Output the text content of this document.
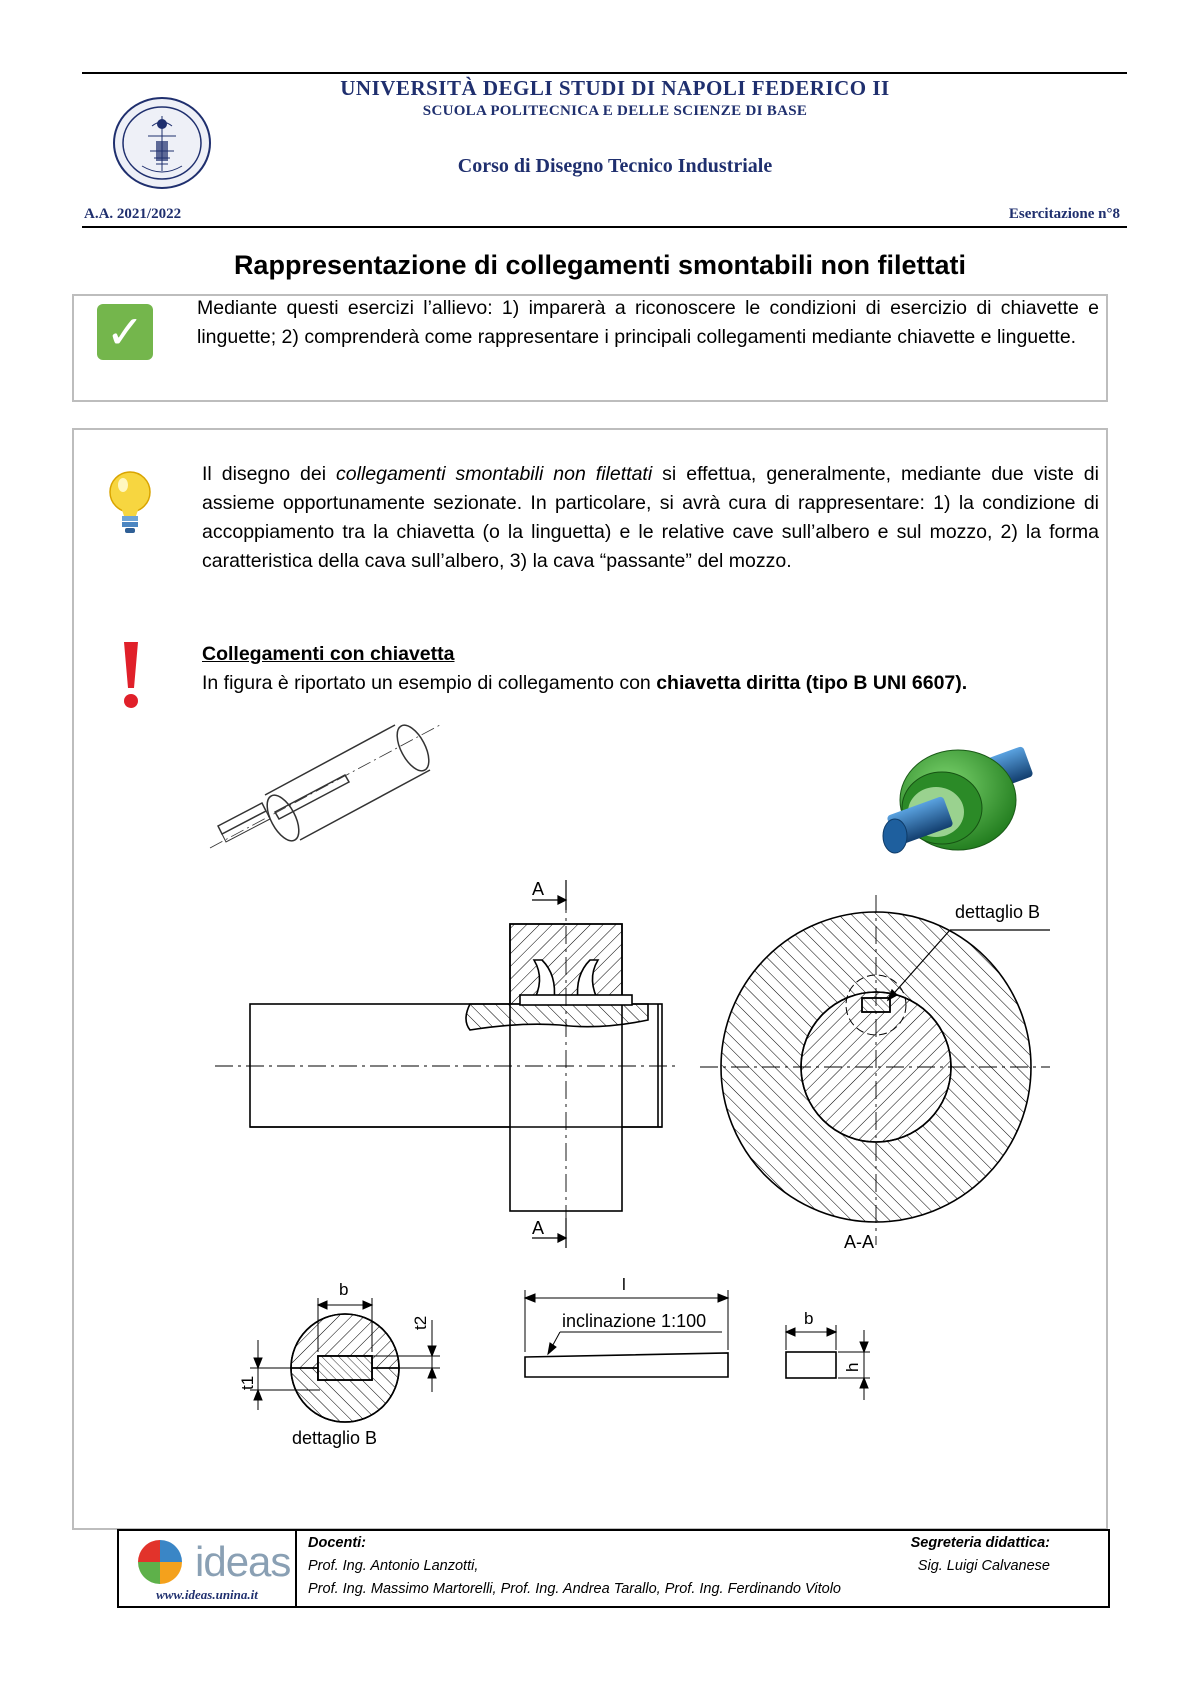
UNIVERSITÀ DEGLI STUDI DI NAPOLI FEDERICO II
SCUOLA POLITECNICA E DELLE SCIENZE DI BASE
Corso di Disegno Tecnico Industriale
A.A. 2021/2022	Esercitazione n°8
Rappresentazione di collegamenti smontabili non filettati
✓	Mediante questi esercizi l’allievo: 1) imparerà a riconoscere le condizioni di esercizio di chiavette e linguette; 2) comprenderà come rappresentare i principali collegamenti mediante chiavette e linguette.
Il disegno dei collegamenti smontabili non filettati si effettua, generalmente, mediante due viste di assieme opportunamente sezionate. In particolare, si avrà cura di rappresentare: 1) la condizione di accoppiamento tra la chiavetta (o la linguetta) e le relative cave sull’albero e sul mozzo, 2) la forma caratteristica della cava sull’albero, 3) la cava “passante” del mozzo.
Collegamenti con chiavetta
In figura è riportato un esempio di collegamento con chiavetta diritta (tipo B UNI 6607).
A
A
dettaglio B
A-A
b
t1
t2
dettaglio B
l
inclinazione 1:100	b
h
ideas
www.ideas.unina.it
Docenti:
Prof. Ing. Antonio Lanzotti,
Prof. Ing. Massimo Martorelli, Prof. Ing. Andrea Tarallo, Prof. Ing. Ferdinando Vitolo
Segreteria didattica:
Sig. Luigi Calvanese
